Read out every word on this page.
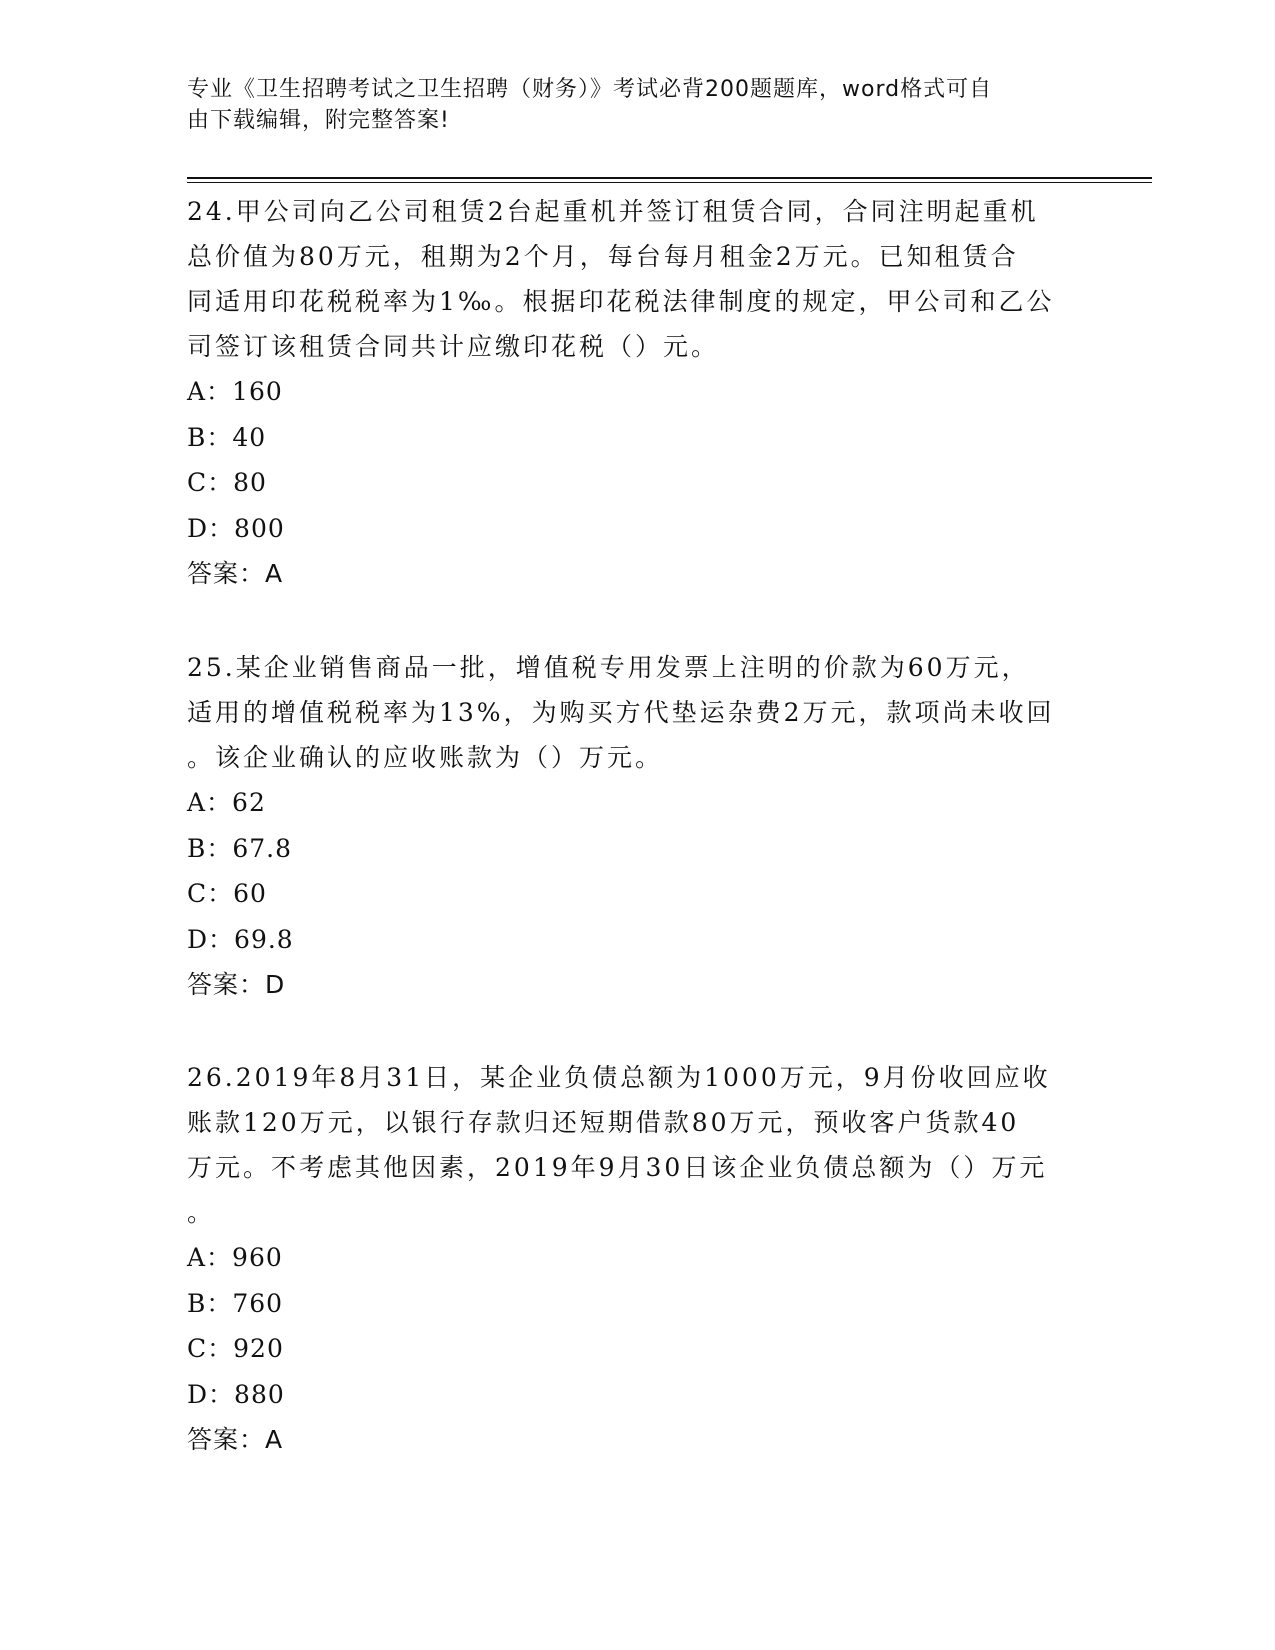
专业《卫生招聘考试之卫生招聘（财务）》考试必背200题题库，word格式可自
由下载编辑，附完整答案!
24.甲公司向乙公司租赁2台起重机并签订租赁合同，合同注明起重机
总价值为80万元，租期为2个月，每台每月租金2万元。已知租赁合
同适用印花税税率为1‰。根据印花税法律制度的规定，甲公司和乙公
司签订该租赁合同共计应缴印花税（）元。
A：160
B：40
C：80
D：800
答案：A
25.某企业销售商品一批，增值税专用发票上注明的价款为60万元，
适用的增值税税率为13%，为购买方代垫运杂费2万元，款项尚未收回
。该企业确认的应收账款为（）万元。
A：62
B：67.8
C：60
D：69.8
答案：D
26.2019年8月31日，某企业负债总额为1000万元，9月份收回应收
账款120万元，以银行存款归还短期借款80万元，预收客户货款40
万元。不考虑其他因素，2019年9月30日该企业负债总额为（）万元
。
A：960
B：760
C：920
D：880
答案：A
